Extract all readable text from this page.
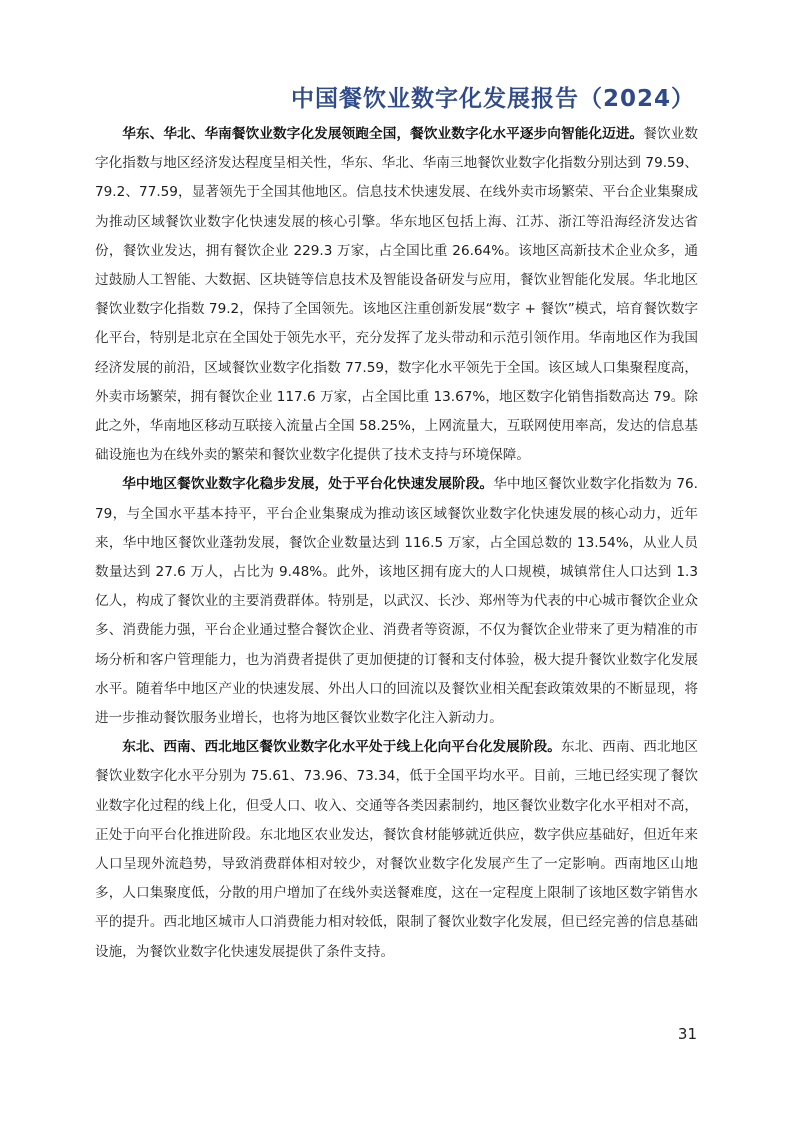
中国餐饮业数字化发展报告（2024）

华东、华北、华南餐饮业数字化发展领跑全国，餐饮业数字化水平逐步向智能化迈进。餐饮业数字化指数与地区经济发达程度呈相关性，华东、华北、华南三地餐饮业数字化指数分别达到 79.59、79.2、77.59，显著领先于全国其他地区。信息技术快速发展、在线外卖市场繁荣、平台企业集聚成为推动区域餐饮业数字化快速发展的核心引擎。华东地区包括上海、江苏、浙江等沿海经济发达省份，餐饮业发达，拥有餐饮企业 229.3 万家，占全国比重 26.64%。该地区高新技术企业众多，通过鼓励人工智能、大数据、区块链等信息技术及智能设备研发与应用，餐饮业智能化发展。华北地区餐饮业数字化指数 79.2，保持了全国领先。该地区注重创新发展“数字 + 餐饮”模式，培育餐饮数字化平台，特别是北京在全国处于领先水平，充分发挥了龙头带动和示范引领作用。华南地区作为我国经济发展的前沿，区域餐饮业数字化指数 77.59，数字化水平领先于全国。该区域人口集聚程度高，外卖市场繁荣，拥有餐饮企业 117.6 万家，占全国比重 13.67%，地区数字化销售指数高达 79。除此之外，华南地区移动互联接入流量占全国 58.25%，上网流量大，互联网使用率高，发达的信息基础设施也为在线外卖的繁荣和餐饮业数字化提供了技术支持与环境保障。

华中地区餐饮业数字化稳步发展，处于平台化快速发展阶段。华中地区餐饮业数字化指数为 76.79，与全国水平基本持平，平台企业集聚成为推动该区域餐饮业数字化快速发展的核心动力，近年来，华中地区餐饮业蓬勃发展，餐饮企业数量达到 116.5 万家，占全国总数的 13.54%，从业人员数量达到 27.6 万人，占比为 9.48%。此外，该地区拥有庞大的人口规模，城镇常住人口达到 1.3 亿人，构成了餐饮业的主要消费群体。特别是，以武汉、长沙、郑州等为代表的中心城市餐饮企业众多、消费能力强，平台企业通过整合餐饮企业、消费者等资源，不仅为餐饮企业带来了更为精准的市场分析和客户管理能力，也为消费者提供了更加便捷的订餐和支付体验，极大提升餐饮业数字化发展水平。随着华中地区产业的快速发展、外出人口的回流以及餐饮业相关配套政策效果的不断显现，将进一步推动餐饮服务业增长，也将为地区餐饮业数字化注入新动力。

东北、西南、西北地区餐饮业数字化水平处于线上化向平台化发展阶段。东北、西南、西北地区餐饮业数字化水平分别为 75.61、73.96、73.34，低于全国平均水平。目前，三地已经实现了餐饮业数字化过程的线上化，但受人口、收入、交通等各类因素制约，地区餐饮业数字化水平相对不高，正处于向平台化推进阶段。东北地区农业发达，餐饮食材能够就近供应，数字供应基础好，但近年来人口呈现外流趋势，导致消费群体相对较少，对餐饮业数字化发展产生了一定影响。西南地区山地多，人口集聚度低，分散的用户增加了在线外卖送餐难度，这在一定程度上限制了该地区数字销售水平的提升。西北地区城市人口消费能力相对较低，限制了餐饮业数字化发展，但已经完善的信息基础设施，为餐饮业数字化快速发展提供了条件支持。

31
